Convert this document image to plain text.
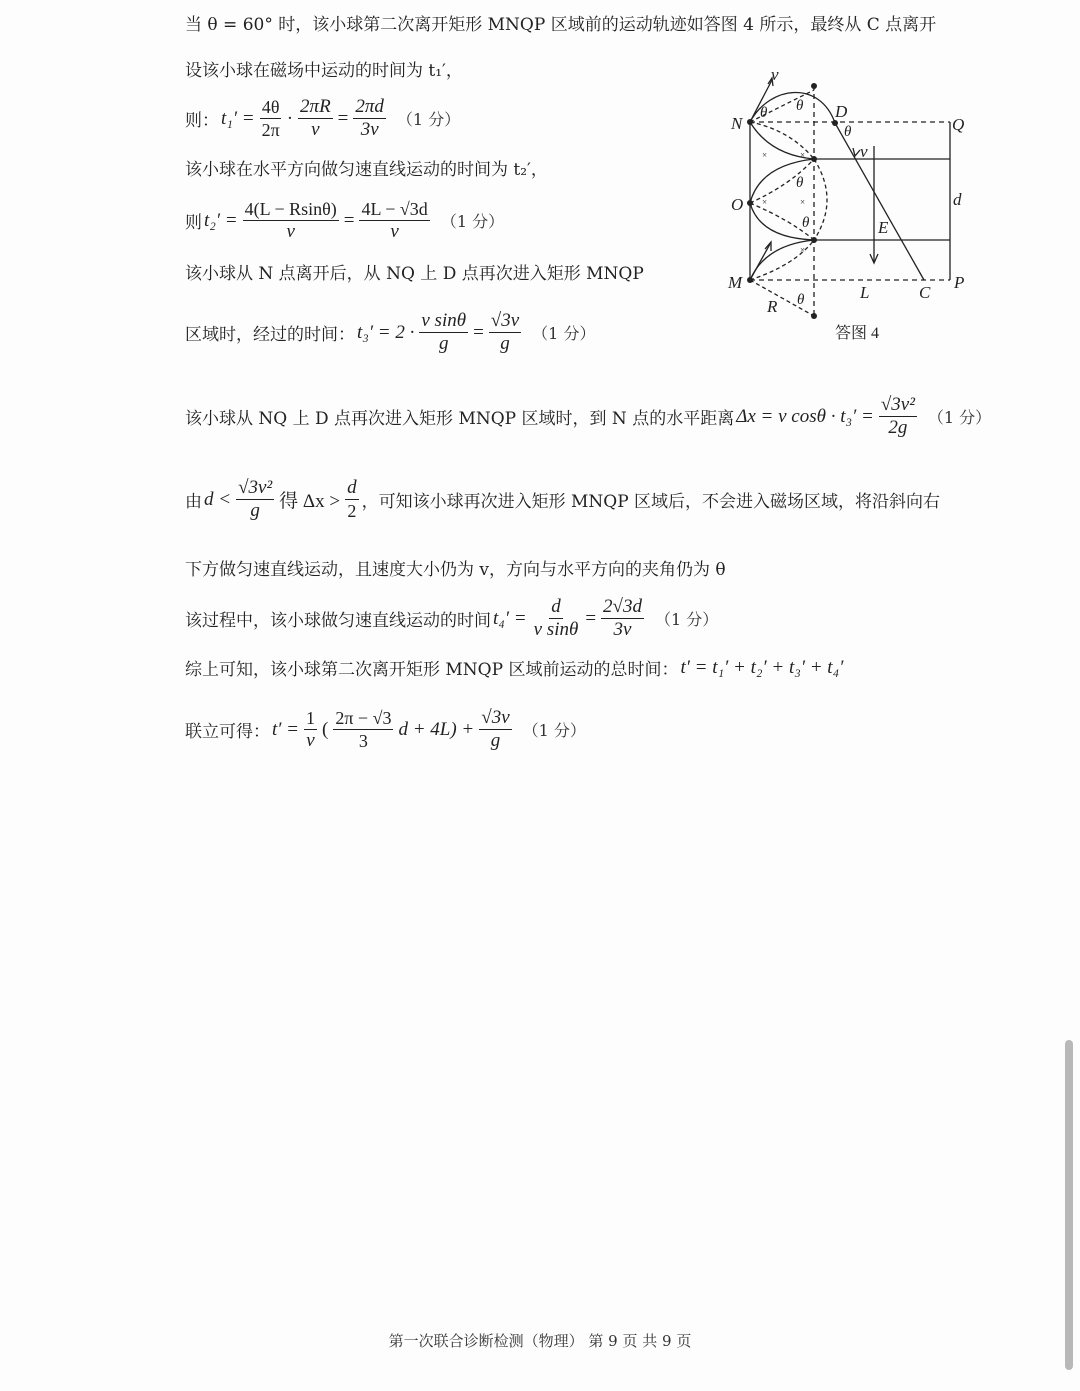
当 θ = 60° 时，该小球第二次离开矩形 MNQP 区域前的运动轨迹如答图 4 所示，最终从 C 点离开
设该小球在磁场中运动的时间为 t₁′，
则： $t_1' = \frac{4\theta}{2\pi} \cdot \frac{2\pi R}{v} = \frac{2\pi d}{3v} (1$ 分）
该小球在水平方向做匀速直线运动的时间为 t₂′，
则 $t_2' = \frac{4(L - Rsin\theta)}{v} = \frac{4L - √3d}{v} (1$ 分）
该小球从 N 点离开后，从 NQ 上 D 点再次进入矩形 MNQP
区域时，经过的时间： $t_3' = 2 \cdot \frac{\text{v sinθ}}{g} = \frac{√3v}{g} (1$ 分）
该小球从 NQ 上 D 点再次进入矩形 MNQP 区域时，到 N 点的水平距离 Δx = v $\cos\theta \cdot t_3' = \frac{\text{√3v²}}{2g} (1$ 分）
由 $d < \frac{\text{√3v²}}{g}$ 得 $\Delta x > \frac{d}{2}$ ，可知该小球再次进入矩形 MNQP 区域后，不会进入磁场区域，将沿斜向右
下方做匀速直线运动，且速度大小仍为 v，方向与水平方向的夹角仍为 θ
该过程中，该小球做匀速直线运动的时间 $t_4' = \frac{d}{\text{v sinθ}} = \frac{2√3d}{3v} (1$ 分）
综上可知，该小球第二次离开矩形 MNQP 区域前运动的总时间： t′ = t₁′ + t₂′ + t₃′ + t₄′
联立可得： $t' = \frac{1}{v}$ ( $\frac{2\pi - √3}{3}$ $d + 4L) + \frac{√3v}{g} (1$ 分）
×	×
×	×
×
N
O
M
Q
P
D
C
d
E
L
R
v
v
θ θ
θ
θ
θ
θ
答图 4
第一次联合诊断检测（物理） 第 9 页 共 9 页
